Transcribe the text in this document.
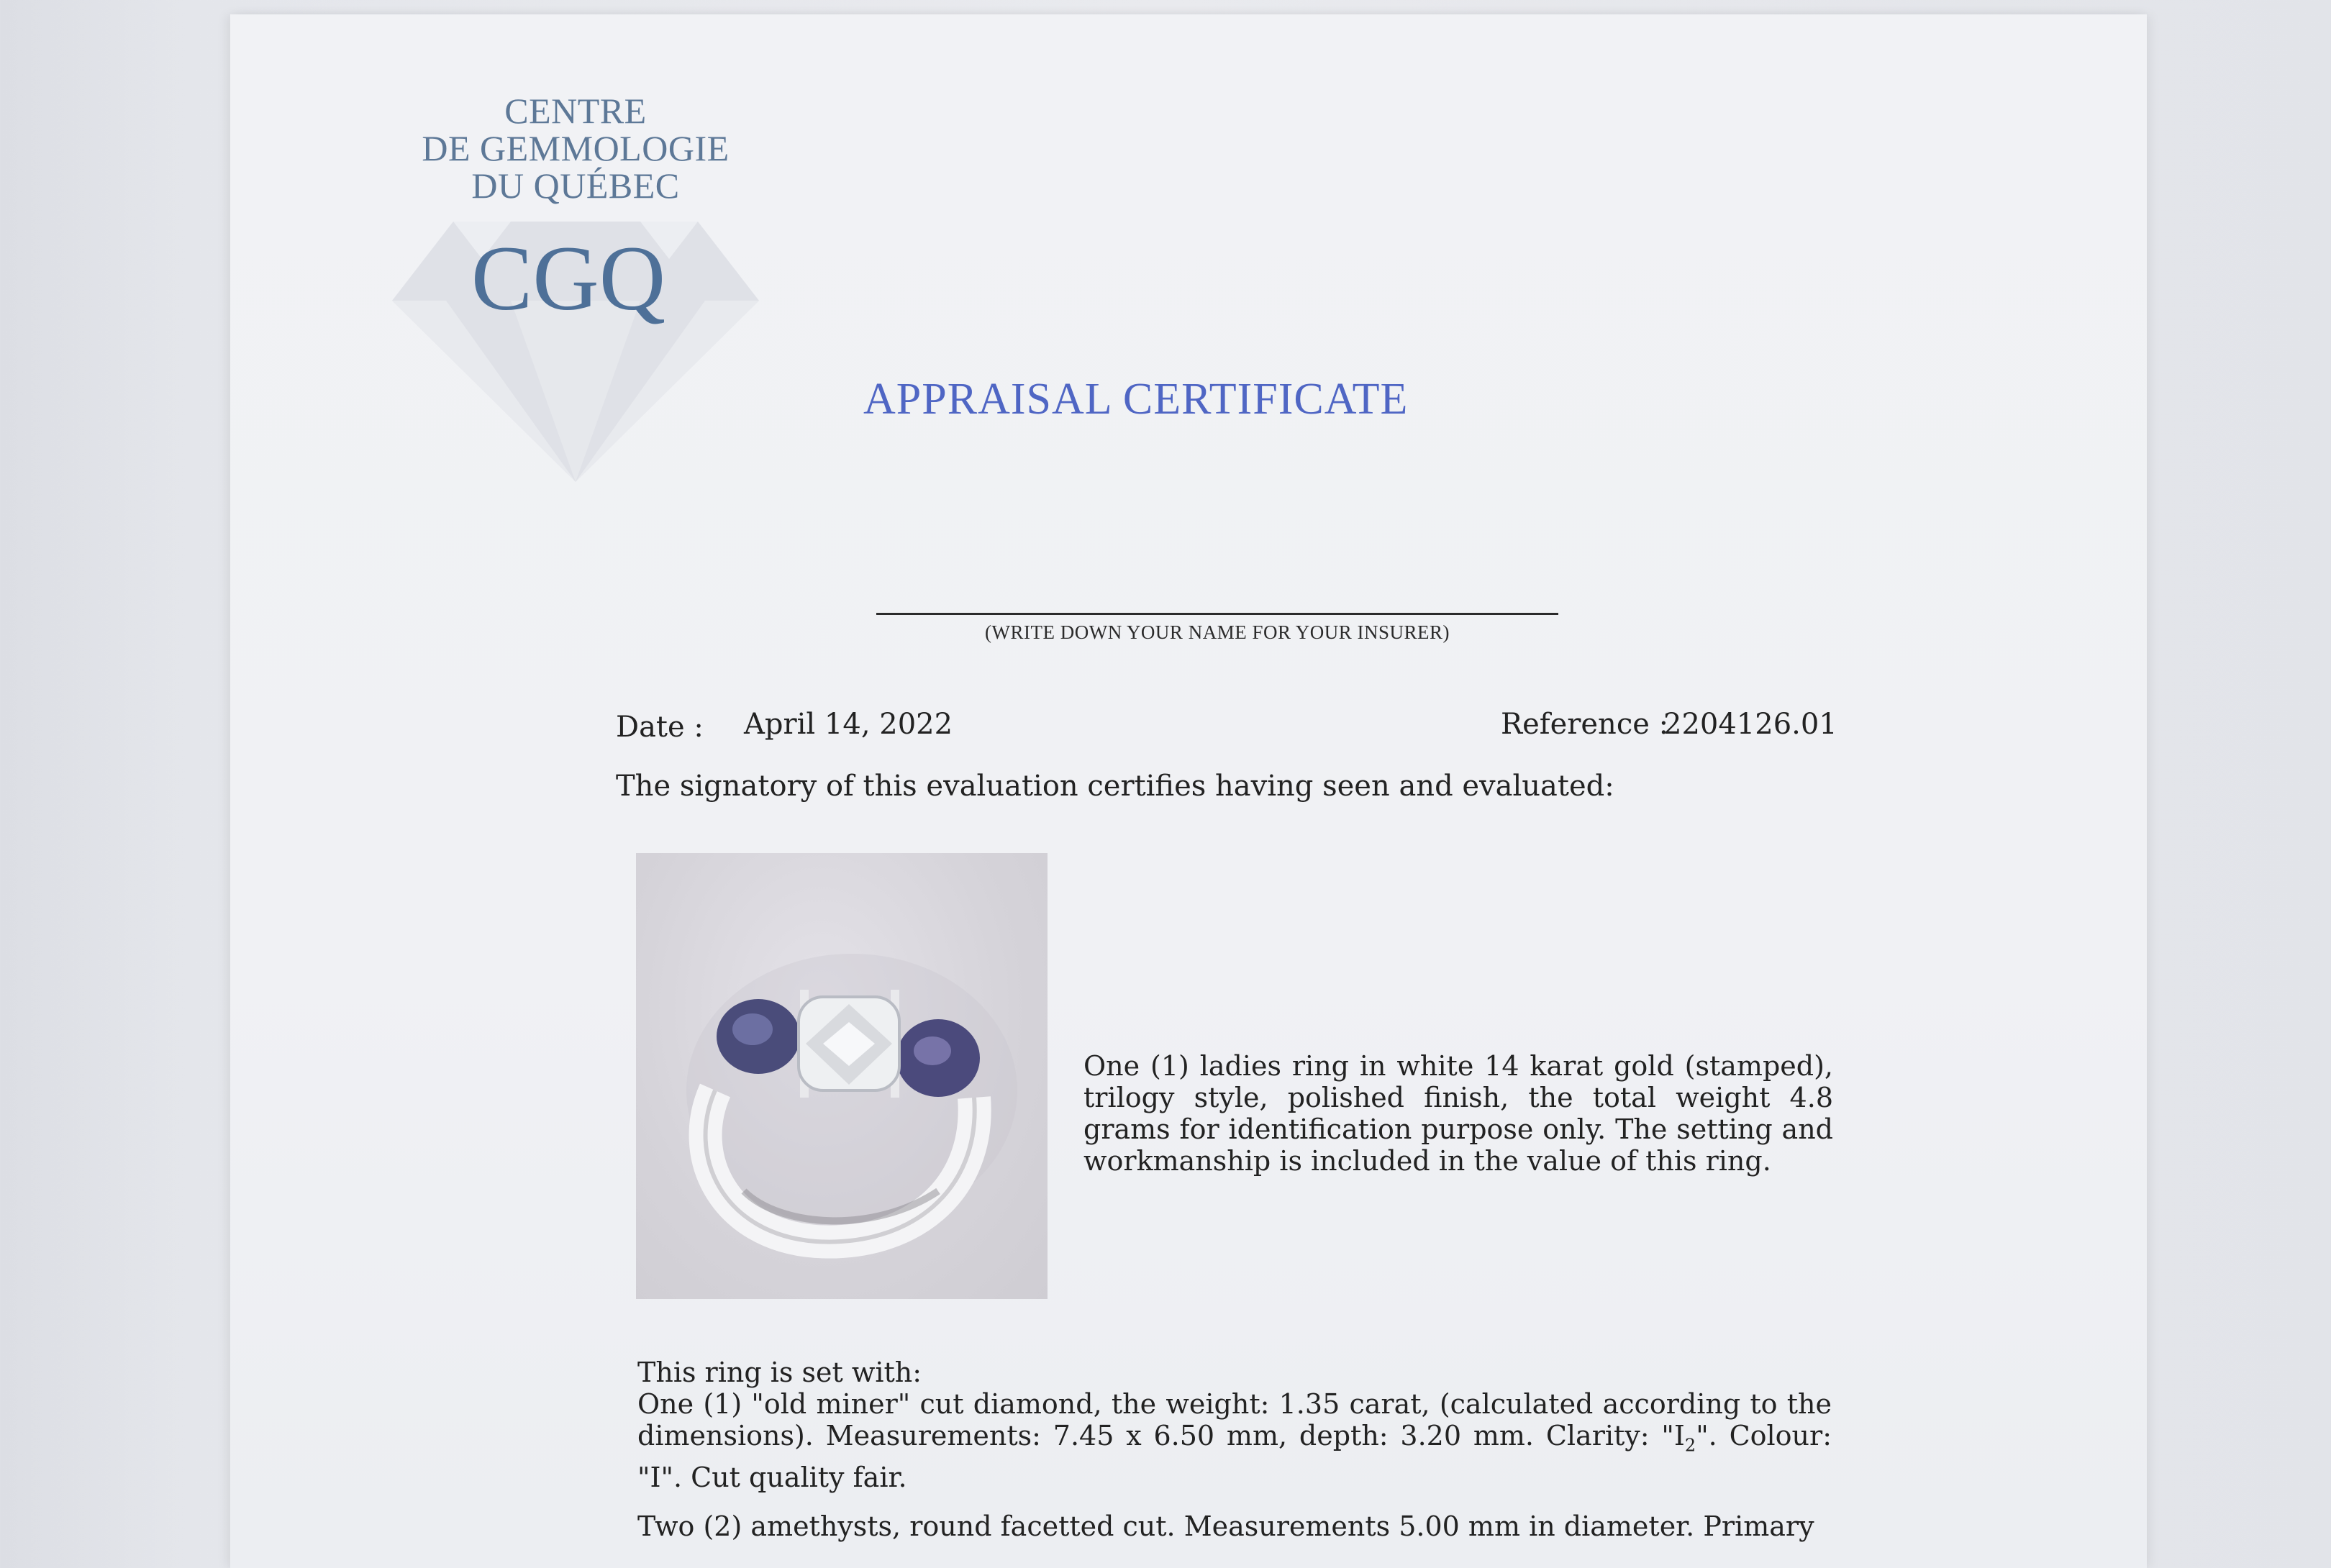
CENTRE
DE GEMMOLOGIE
DU QUÉBEC
CGQ
APPRAISAL CERTIFICATE
(WRITE DOWN YOUR NAME FOR YOUR INSURER)
Date : April 14, 2022	Reference :
2204126.01
The signatory of this evaluation certifies having seen and evaluated:
One (1) ladies ring in white 14 karat gold (stamped), trilogy style, polished finish, the total weight 4.8 grams for identification purpose only. The setting and workmanship is included in the value of this ring.
This ring is set with:
One (1) "old miner" cut diamond, the weight: 1.35 carat, (calculated according to the dimensions). Measurements: 7.45 x 6.50 mm, depth: 3.20 mm. Clarity: "$I_2$". Colour: "I". Cut quality fair.
Two (2) amethysts, round facetted cut. Measurements 5.00 mm in diameter. Primary
